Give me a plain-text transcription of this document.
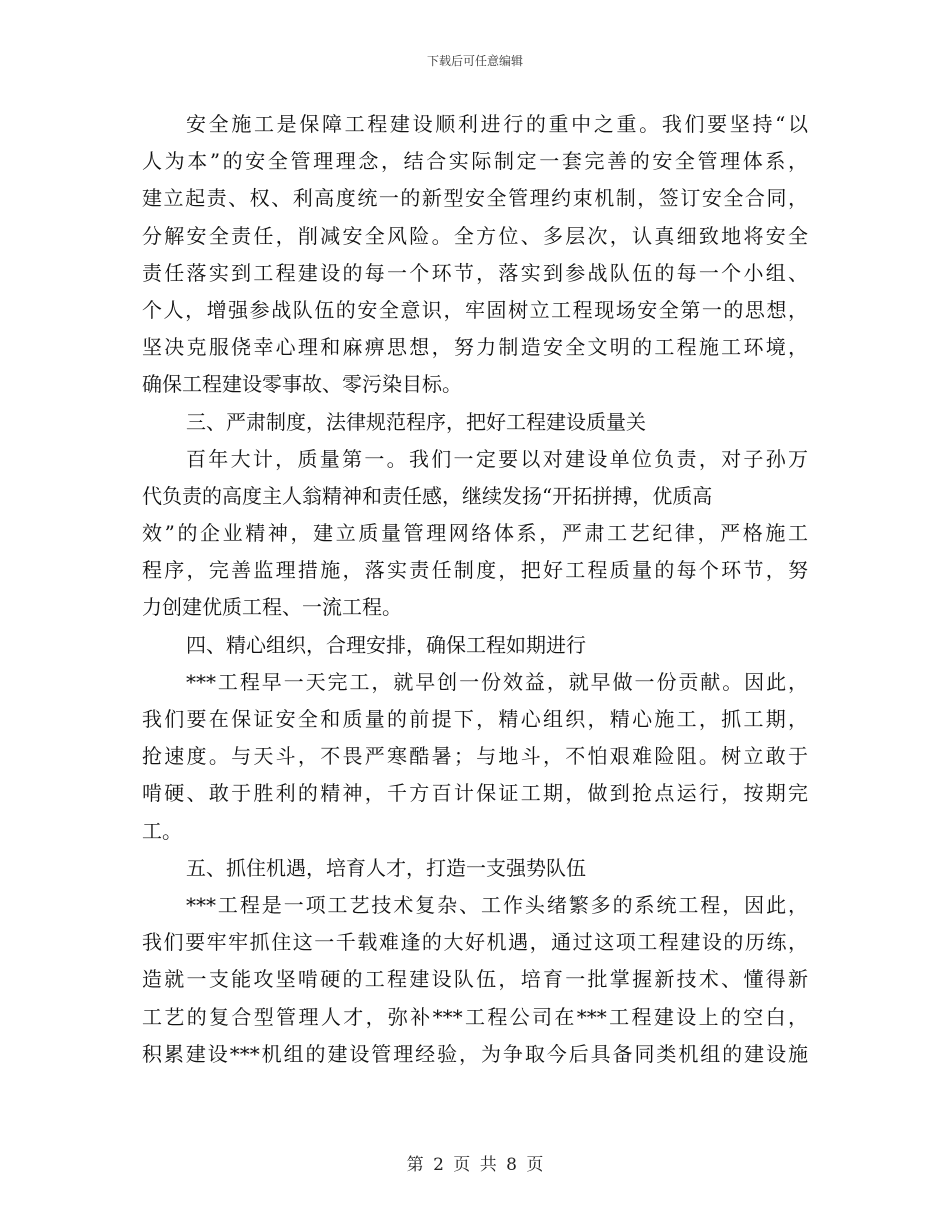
下载后可任意编辑
安全施工是保障工程建设顺利进行的重中之重。我们要坚持“以
人为本”的安全管理理念，结合实际制定一套完善的安全管理体系，
建立起责、权、利高度统一的新型安全管理约束机制，签订安全合同，
分解安全责任，削减安全风险。全方位、多层次，认真细致地将安全
责任落实到工程建设的每一个环节，落实到参战队伍的每一个小组、
个人，增强参战队伍的安全意识，牢固树立工程现场安全第一的思想，
坚决克服侥幸心理和麻痹思想，努力制造安全文明的工程施工环境，
确保工程建设零事故、零污染目标。
三、严肃制度，法律规范程序，把好工程建设质量关
百年大计，质量第一。我们一定要以对建设单位负责，对子孙万
代负责的高度主人翁精神和责任感，继续发扬“开拓拼搏，优质高
效”的企业精神，建立质量管理网络体系，严肃工艺纪律，严格施工
程序，完善监理措施，落实责任制度，把好工程质量的每个环节，努
力创建优质工程、一流工程。
四、精心组织，合理安排，确保工程如期进行
***工程早一天完工，就早创一份效益，就早做一份贡献。因此，
我们要在保证安全和质量的前提下，精心组织，精心施工，抓工期，
抢速度。与天斗，不畏严寒酷暑；与地斗，不怕艰难险阻。树立敢于
啃硬、敢于胜利的精神，千方百计保证工期，做到抢点运行，按期完
工。
五、抓住机遇，培育人才，打造一支强势队伍
***工程是一项工艺技术复杂、工作头绪繁多的系统工程，因此，
我们要牢牢抓住这一千载难逢的大好机遇，通过这项工程建设的历练，
造就一支能攻坚啃硬的工程建设队伍，培育一批掌握新技术、懂得新
工艺的复合型管理人才，弥补***工程公司在***工程建设上的空白，
积累建设***机组的建设管理经验，为争取今后具备同类机组的建设施
第 2 页 共 8 页
